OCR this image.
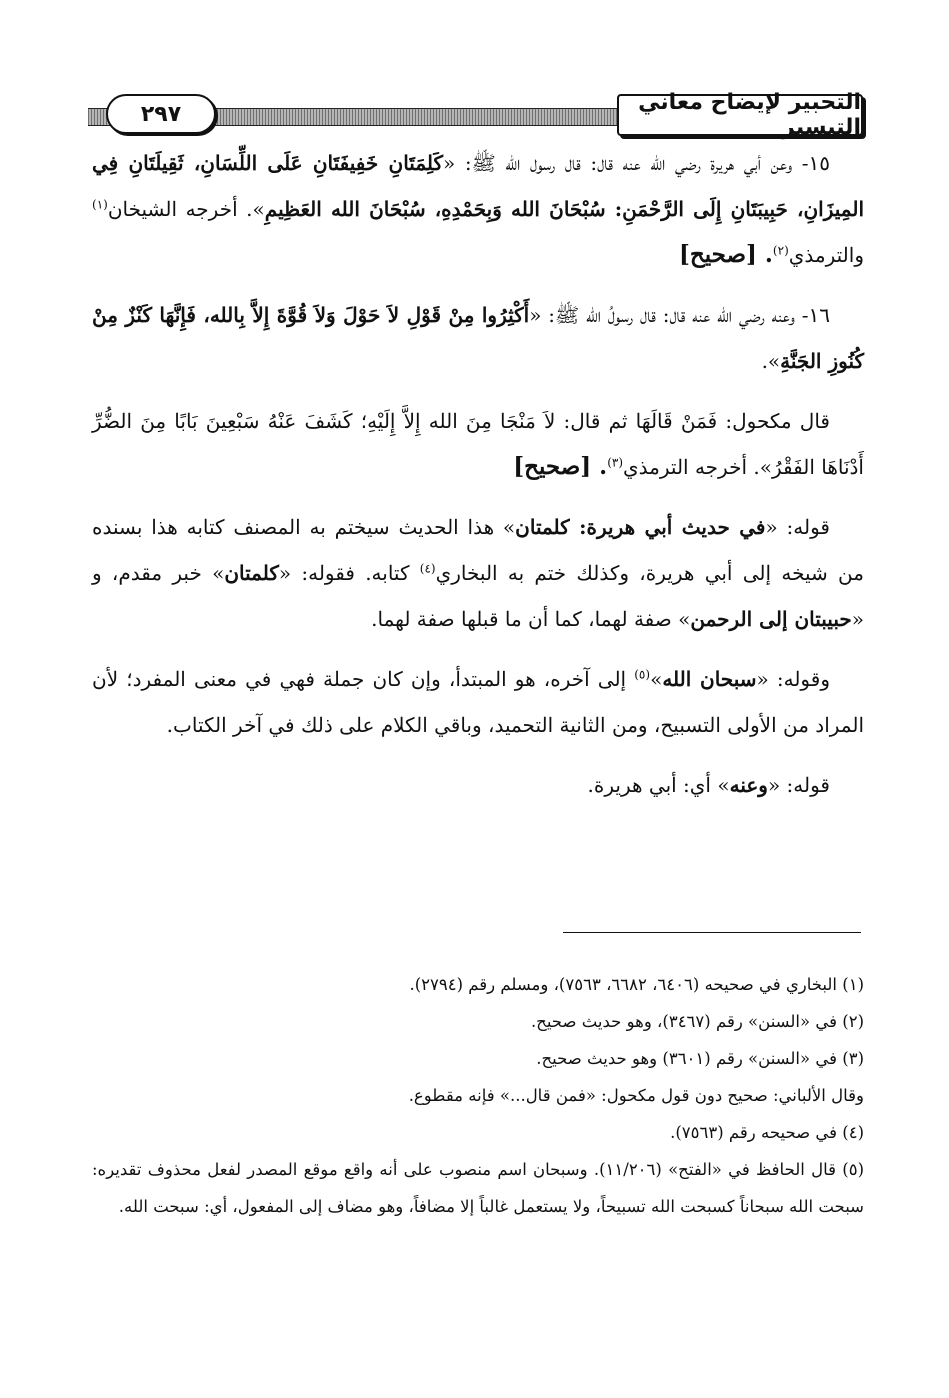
التحبير لإيضاح معاني التيسير
٢٩٧

١٥- وعن أبي هريرة رضي الله عنه قال: قال رسول الله ﷺ: «كَلِمَتَانِ خَفِيفَتَانِ عَلَى اللِّسَانِ، ثَقِيلَتَانِ فِي المِيزَانِ، حَبِيبَتَانِ إِلَى الرَّحْمَنِ: سُبْحَانَ الله وَبِحَمْدِهِ، سُبْحَانَ الله العَظِيمِ». أخرجه الشيخان$^{(١)}$ والترمذي$^{(٢)}$. [صحيح]

١٦- وعنه رضي الله عنه قال: قال رسولُ الله ﷺ: «أَكْثِرُوا مِنْ قَوْلِ لاَ حَوْلَ وَلاَ قُوَّةَ إِلاَّ بِالله، فَإِنَّهَا كَنْزٌ مِنْ كُنُوزِ الجَنَّةِ».

قال مكحول: فَمَنْ قَالَهَا ثم قال: لاَ مَنْجَا مِنَ الله إِلاَّ إِلَيْهِ؛ كَشَفَ عَنْهُ سَبْعِينَ بَابًا مِنَ الضُّرِّ أَدْنَاهَا الفَقْرُ». أخرجه الترمذي$^{(٣)}$. [صحيح]

قوله: «في حديث أبي هريرة: كلمتان» هذا الحديث سيختم به المصنف كتابه هذا بسنده من شيخه إلى أبي هريرة، وكذلك ختم به البخاري$^{(٤)}$ كتابه. فقوله: «كلمتان» خبر مقدم، و «حبيبتان إلى الرحمن» صفة لهما، كما أن ما قبلها صفة لهما.

وقوله: «سبحان الله»$^{(٥)}$ إلى آخره، هو المبتدأ، وإن كان جملة فهي في معنى المفرد؛ لأن المراد من الأولى التسبيح، ومن الثانية التحميد، وباقي الكلام على ذلك في آخر الكتاب.

قوله: «وعنه» أي: أبي هريرة.

(١) البخاري في صحيحه (٦٤٠٦، ٦٦٨٢، ٧٥٦٣)، ومسلم رقم (٢٧٩٤).

(٢) في «السنن» رقم (٣٤٦٧)، وهو حديث صحيح.

(٣) في «السنن» رقم (٣٦٠١) وهو حديث صحيح.

وقال الألباني: صحيح دون قول مكحول: «فمن قال...» فإنه مقطوع.

(٤) في صحيحه رقم (٧٥٦٣).

(٥) قال الحافظ في «الفتح» (١١/٢٠٦). وسبحان اسم منصوب على أنه واقع موقع المصدر لفعل محذوف تقديره: سبحت الله سبحاناً كسبحت الله تسبيحاً، ولا يستعمل غالباً إلا مضافاً، وهو مضاف إلى المفعول، أي: سبحت الله.
